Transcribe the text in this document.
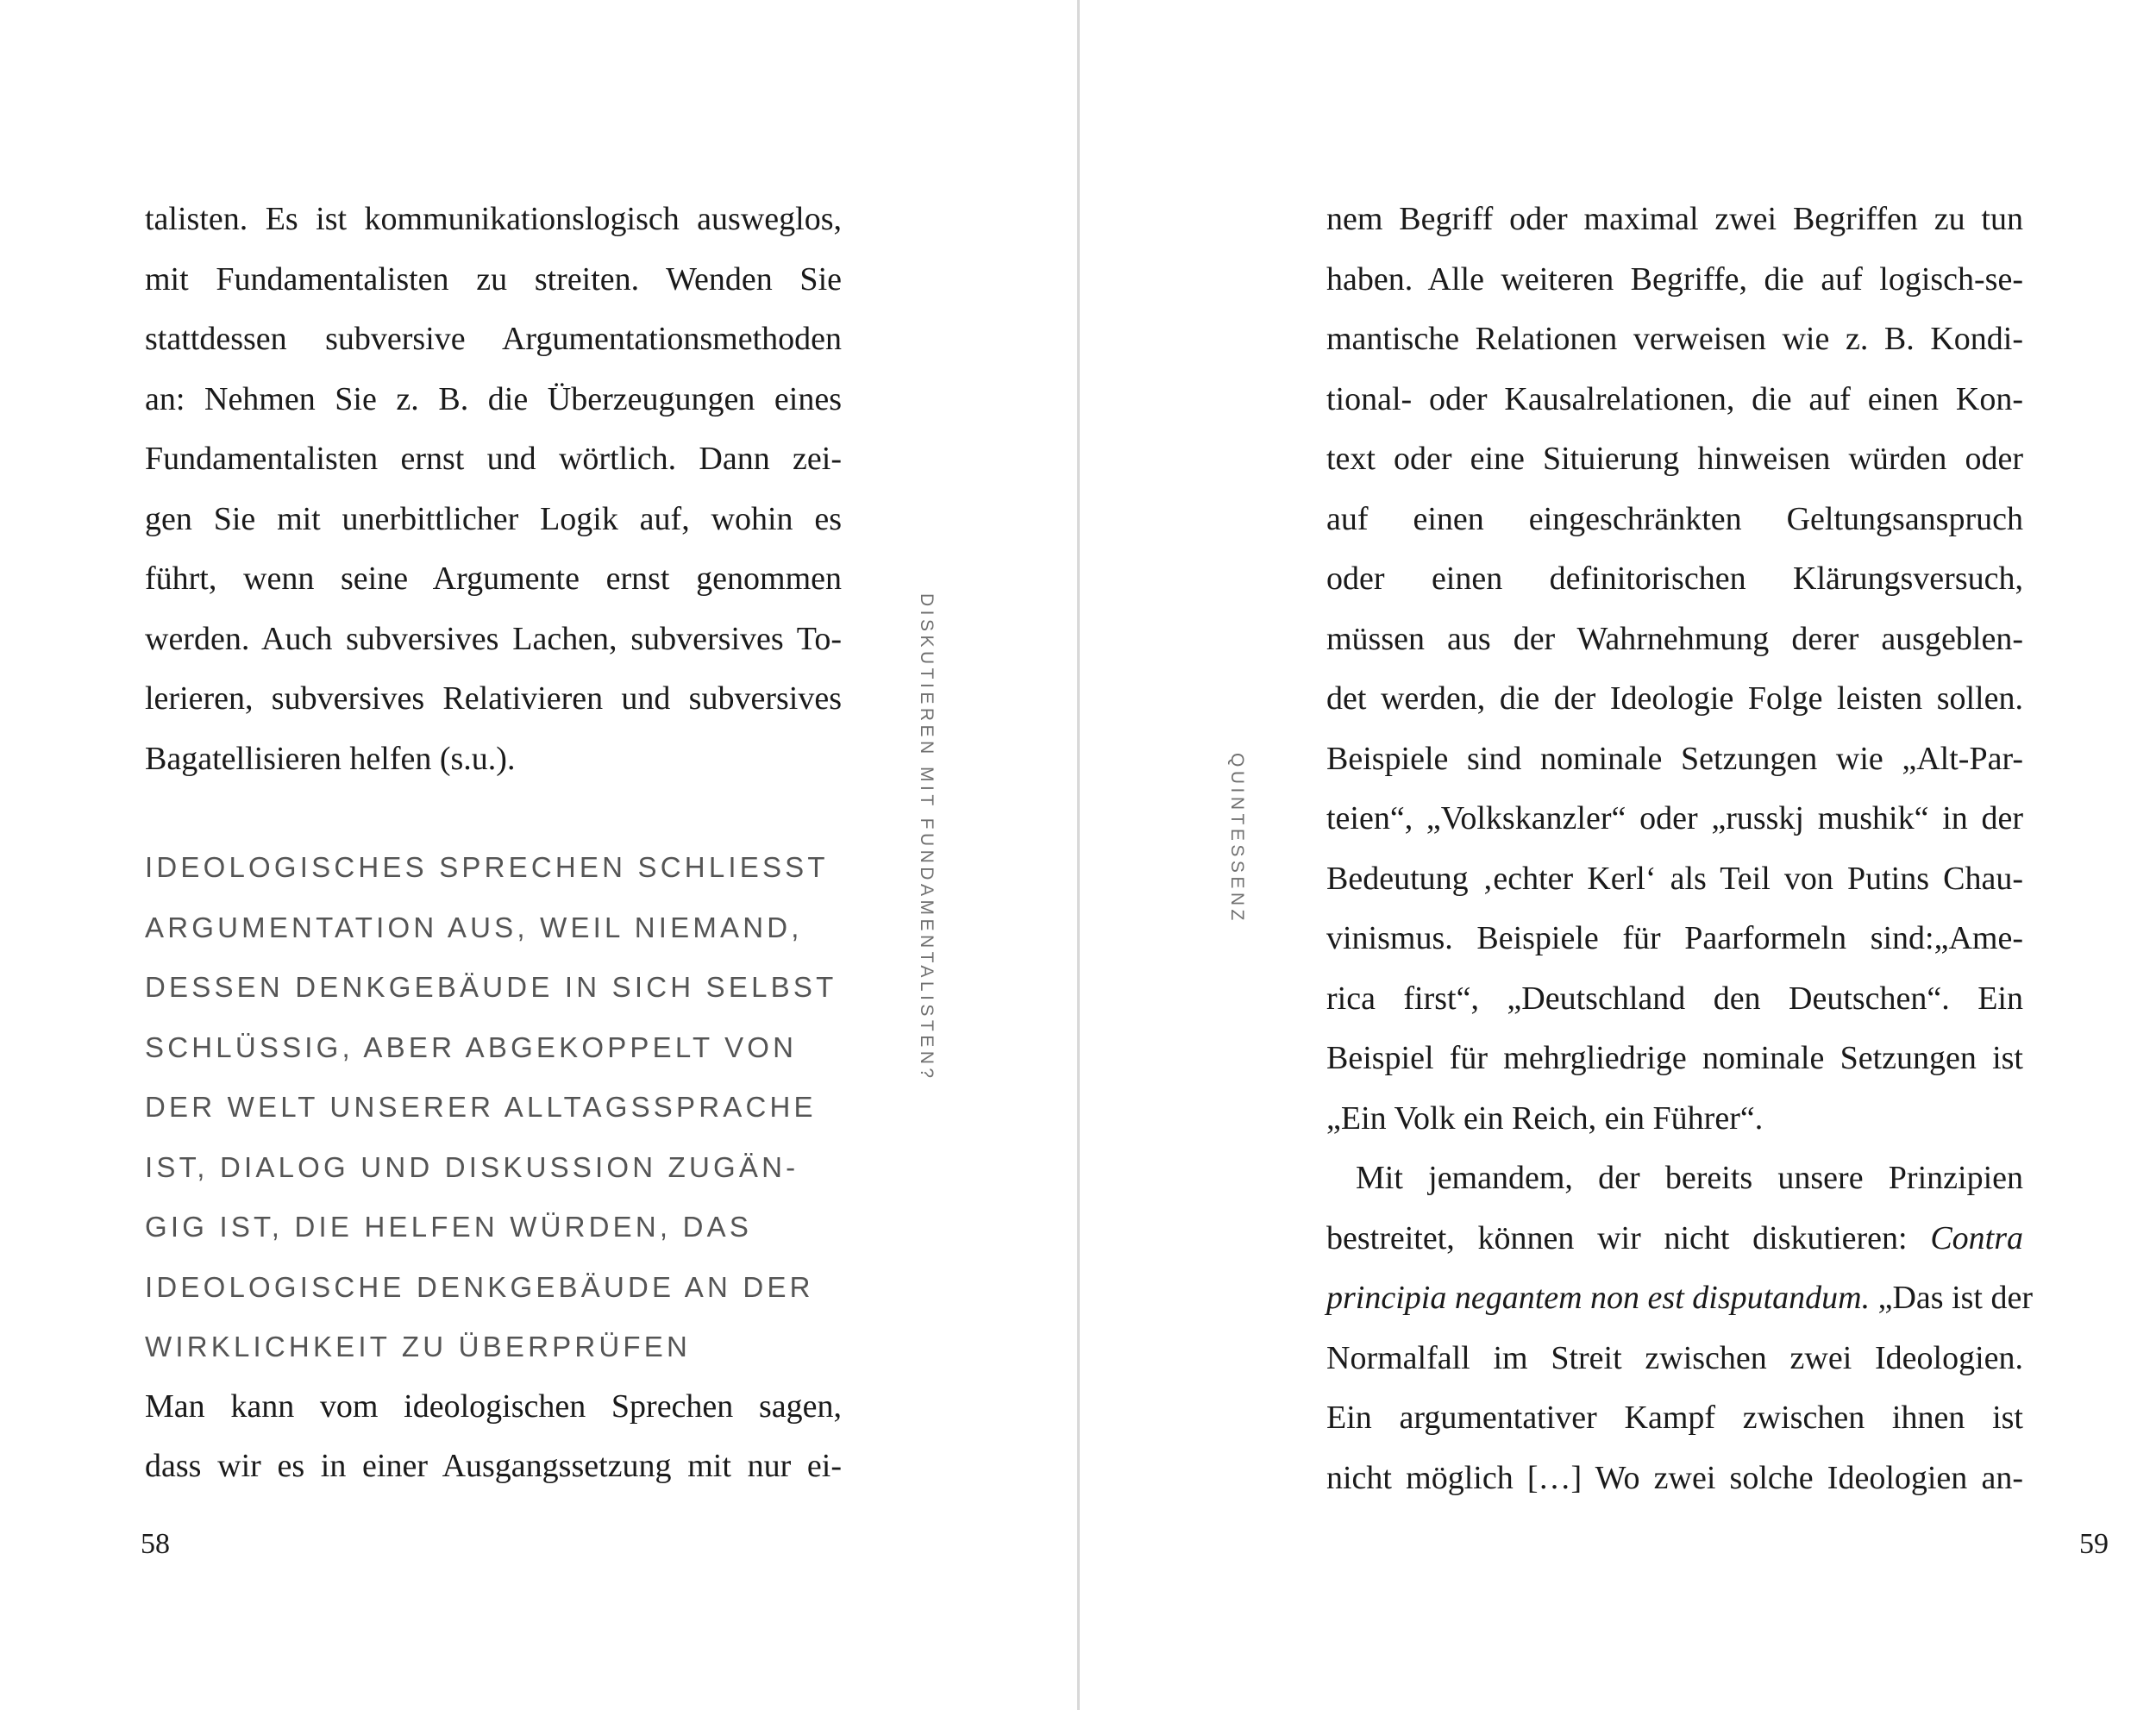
talisten. Es ist kommunikationslogisch ausweglos,
mit Fundamentalisten zu streiten. Wenden Sie
stattdessen subversive Argumentationsmethoden
an: Nehmen Sie z. B. die Überzeugungen eines
Fundamentalisten ernst und wörtlich. Dann zei-
gen Sie mit unerbittlicher Logik auf, wohin es
führt, wenn seine Argumente ernst genommen
werden. Auch subversives Lachen, subversives To-
lerieren, subversives Relativieren und subversives
Bagatellisieren helfen (s.u.).
IDEOLOGISCHES SPRECHEN SCHLIESST
ARGUMENTATION AUS, WEIL NIEMAND,
DESSEN DENKGEBÄUDE IN SICH SELBST
SCHLÜSSIG, ABER ABGEKOPPELT VON
DER WELT UNSERER ALLTAGSSPRACHE
IST, DIALOG UND DISKUSSION ZUGÄN-
GIG IST, DIE HELFEN WÜRDEN, DAS
IDEOLOGISCHE DENKGEBÄUDE AN DER
WIRKLICHKEIT ZU ÜBERPRÜFEN
Man kann vom ideologischen Sprechen sagen,
dass wir es in einer Ausgangssetzung mit nur ei-
DISKUTIEREN MIT FUNDAMENTALISTEN?
58
QUINTESSENZ
nem Begriff oder maximal zwei Begriffen zu tun
haben. Alle weiteren Begriffe, die auf logisch-se-
mantische Relationen verweisen wie z. B. Kondi-
tional- oder Kausalrelationen, die auf einen Kon-
text oder eine Situierung hinweisen würden oder
auf einen eingeschränkten Geltungsanspruch
oder einen definitorischen Klärungsversuch,
müssen aus der Wahrnehmung derer ausgeblen-
det werden, die der Ideologie Folge leisten sollen.
Beispiele sind nominale Setzungen wie „Alt-Par-
teien“, „Volkskanzler“ oder „russkj mushik“ in der
Bedeutung ‚echter Kerl‘ als Teil von Putins Chau-
vinismus. Beispiele für Paarformeln sind:„Ame-
rica first“, „Deutschland den Deutschen“. Ein
Beispiel für mehrgliedrige nominale Setzungen ist
„Ein Volk ein Reich, ein Führer“.
Mit jemandem, der bereits unsere Prinzipien
bestreitet, können wir nicht diskutieren: Contra
principia negantem non est disputandum. „Das ist der
Normalfall im Streit zwischen zwei Ideologien.
Ein argumentativer Kampf zwischen ihnen ist
nicht möglich […] Wo zwei solche Ideologien an-
59
